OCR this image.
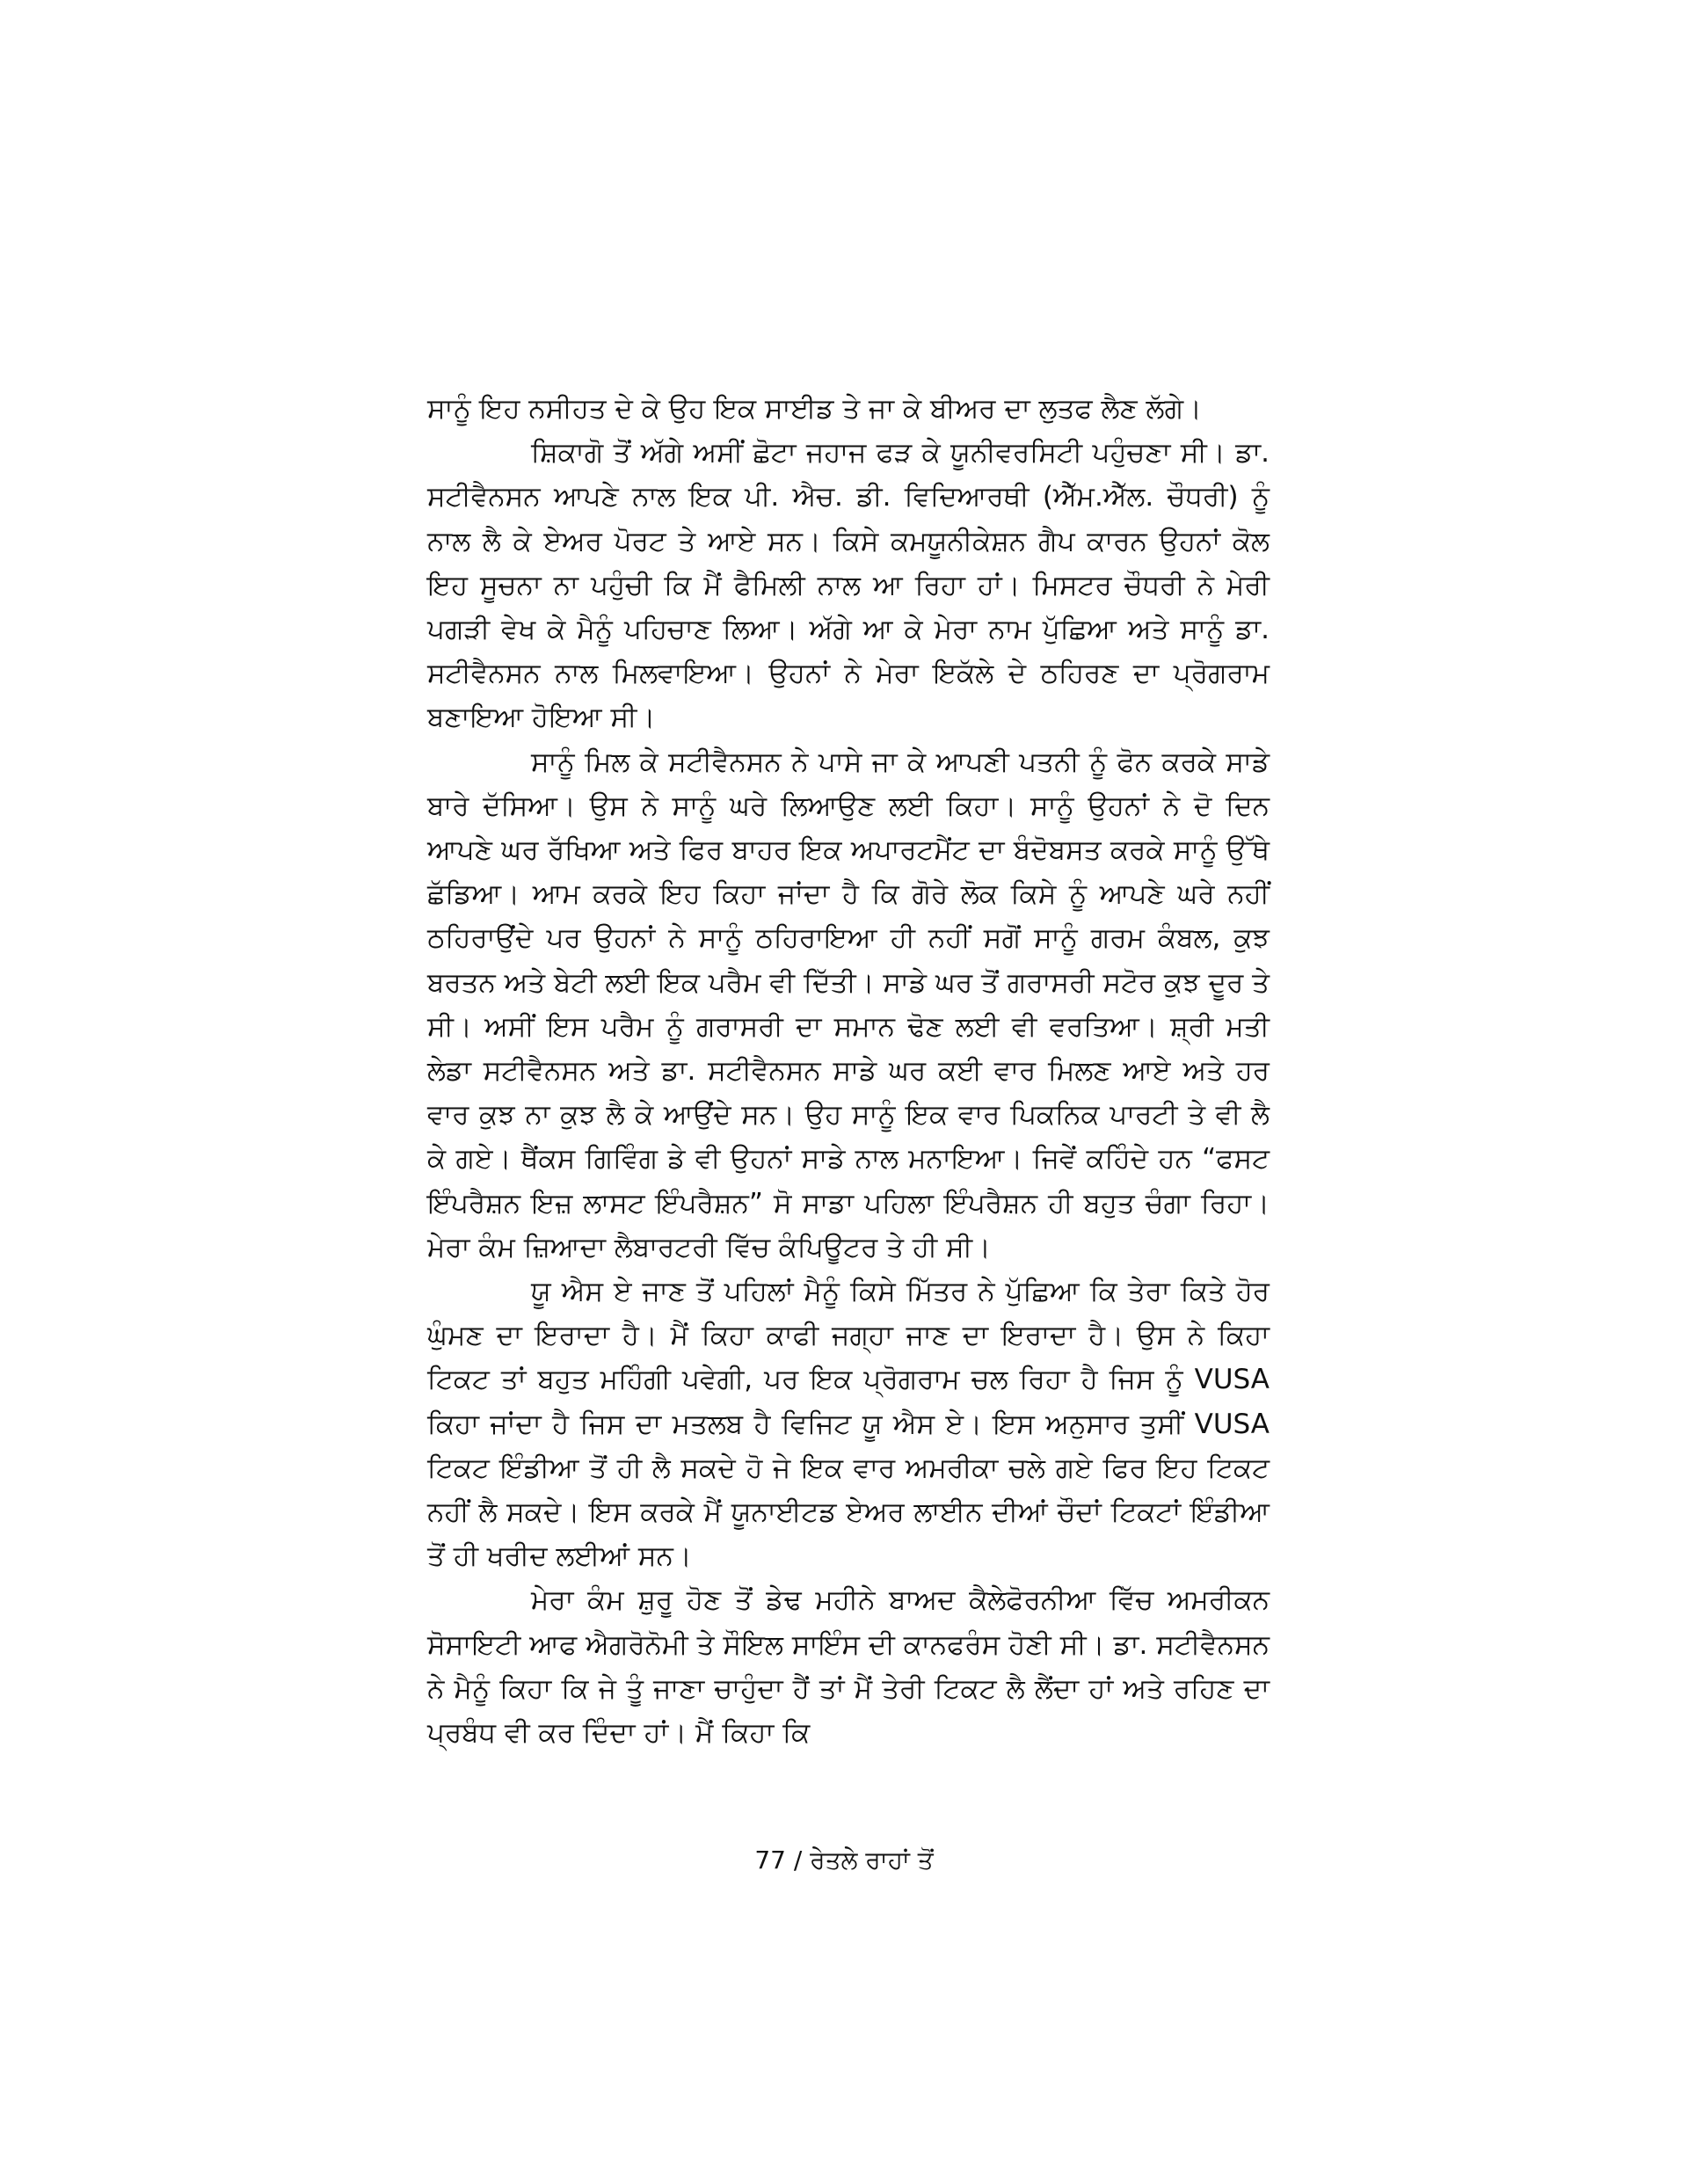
ਸਾਨੂੰ ਇਹ ਨਸੀਹਤ ਦੇ ਕੇ ਉਹ ਇਕ ਸਾਈਡ ਤੇ ਜਾ ਕੇ ਬੀਅਰ ਦਾ ਲੁਤਫ ਲੈਣ ਲੱਗੇ।

ਸ਼ਿਕਾਗੋ ਤੋਂ ਅੱਗੇ ਅਸੀਂ ਛੋਟਾ ਜਹਾਜ ਫੜ ਕੇ ਯੂਨੀਵਰਸਿਟੀ ਪਹੁੰਚਣਾ ਸੀ। ਡਾ. ਸਟੀਵੈਨਸਨ ਆਪਣੇ ਨਾਲ ਇਕ ਪੀ. ਐਚ. ਡੀ. ਵਿਦਿਆਰਥੀ (ਐੱਮ.ਐੱਲ. ਚੌਧਰੀ) ਨੂੰ ਨਾਲ ਲੈ ਕੇ ਏਅਰ ਪੋਰਟ ਤੇ ਆਏ ਸਨ। ਕਿਸੇ ਕਮਯੂਨੀਕੇਸ਼ਨ ਗੈਪ ਕਾਰਨ ਉਹਨਾਂ ਕੋਲ ਇਹ ਸੂਚਨਾ ਨਾ ਪਹੁੰਚੀ ਕਿ ਮੈਂ ਫੈਮਿਲੀ ਨਾਲ ਆ ਰਿਹਾ ਹਾਂ। ਮਿਸਟਰ ਚੌਧਰੀ ਨੇ ਮੇਰੀ ਪਗੜੀ ਵੇਖ ਕੇ ਮੈਨੂੰ ਪਹਿਚਾਣ ਲਿਆ। ਅੱਗੇ ਆ ਕੇ ਮੇਰਾ ਨਾਮ ਪੁੱਛਿਆ ਅਤੇ ਸਾਨੂੰ ਡਾ. ਸਟੀਵੈਨਸਨ ਨਾਲ ਮਿਲਵਾਇਆ। ਉਹਨਾਂ ਨੇ ਮੇਰਾ ਇਕੱਲੇ ਦੇ ਠਹਿਰਣ ਦਾ ਪ੍ਰੋਗਰਾਮ ਬਣਾਇਆ ਹੋਇਆ ਸੀ।

ਸਾਨੂੰ ਮਿਲ ਕੇ ਸਟੀਵੈਨਸਨ ਨੇ ਪਾਸੇ ਜਾ ਕੇ ਆਪਣੀ ਪਤਨੀ ਨੂੰ ਫੋਨ ਕਰਕੇ ਸਾਡੇ ਬਾਰੇ ਦੱਸਿਆ। ਉਸ ਨੇ ਸਾਨੂੰ ਘਰੇ ਲਿਆਉਣ ਲਈ ਕਿਹਾ। ਸਾਨੂੰ ਉਹਨਾਂ ਨੇ ਦੋ ਦਿਨ ਆਪਣੇ ਘਰ ਰੱਖਿਆ ਅਤੇ ਫਿਰ ਬਾਹਰ ਇਕ ਅਪਾਰਟਮੈਂਟ ਦਾ ਬੰਦੋਬਸਤ ਕਰਕੇ ਸਾਨੂੰ ਉੱਥੇ ਛੱਡਿਆ। ਆਮ ਕਰਕੇ ਇਹ ਕਿਹਾ ਜਾਂਦਾ ਹੈ ਕਿ ਗੋਰੇ ਲੋਕ ਕਿਸੇ ਨੂੰ ਆਪਣੇ ਘਰੇ ਨਹੀਂ ਠਹਿਰਾਉਂਦੇ ਪਰ ਉਹਨਾਂ ਨੇ ਸਾਨੂੰ ਠਹਿਰਾਇਆ ਹੀ ਨਹੀਂ ਸਗੋਂ ਸਾਨੂੰ ਗਰਮ ਕੰਬਲ, ਕੁਝ ਬਰਤਨ ਅਤੇ ਬੇਟੀ ਲਈ ਇਕ ਪਰੈਮ ਵੀ ਦਿੱਤੀ। ਸਾਡੇ ਘਰ ਤੋਂ ਗਰਾਸਰੀ ਸਟੋਰ ਕੁਝ ਦੂਰ ਤੇ ਸੀ। ਅਸੀਂ ਇਸ ਪਰੈਮ ਨੂੰ ਗਰਾਸਰੀ ਦਾ ਸਮਾਨ ਢੋਣ ਲਈ ਵੀ ਵਰਤਿਆ। ਸ਼੍ਰੀ ਮਤੀ ਲੇਡਾ ਸਟੀਵੈਨਸਨ ਅਤੇ ਡਾ. ਸਟੀਵੈਨਸਨ ਸਾਡੇ ਘਰ ਕਈ ਵਾਰ ਮਿਲਣ ਆਏ ਅਤੇ ਹਰ ਵਾਰ ਕੁਝ ਨਾ ਕੁਝ ਲੈ ਕੇ ਆਉਂਦੇ ਸਨ। ਉਹ ਸਾਨੂੰ ਇਕ ਵਾਰ ਪਿਕਨਿਕ ਪਾਰਟੀ ਤੇ ਵੀ ਲੈ ਕੇ ਗਏ। ਥੈਂਕਸ ਗਿਵਿੰਗ ਡੇ ਵੀ ਉਹਨਾਂ ਸਾਡੇ ਨਾਲ ਮਨਾਇਆ। ਜਿਵੇਂ ਕਹਿੰਦੇ ਹਨ “ਫਸਟ ਇੰਪਰੈਸ਼ਨ ਇਜ਼ ਲਾਸਟ ਇੰਪਰੈਸ਼ਨ” ਸੋ ਸਾਡਾ ਪਹਿਲਾ ਇੰਪਰੈਸ਼ਨ ਹੀ ਬਹੁਤ ਚੰਗਾ ਰਿਹਾ। ਮੇਰਾ ਕੰਮ ਜ਼ਿਆਦਾ ਲੈਬਾਰਟਰੀ ਵਿੱਚ ਕੰਪਿਊਟਰ ਤੇ ਹੀ ਸੀ।

ਯੂ ਐਸ ਏ ਜਾਣ ਤੋਂ ਪਹਿਲਾਂ ਮੈਨੂੰ ਕਿਸੇ ਮਿੱਤਰ ਨੇ ਪੁੱਛਿਆ ਕਿ ਤੇਰਾ ਕਿਤੇ ਹੋਰ ਘੁੰਮਣ ਦਾ ਇਰਾਦਾ ਹੈ। ਮੈਂ ਕਿਹਾ ਕਾਫੀ ਜਗ੍ਹਾ ਜਾਣ ਦਾ ਇਰਾਦਾ ਹੈ। ਉਸ ਨੇ ਕਿਹਾ ਟਿਕਟ ਤਾਂ ਬਹੁਤ ਮਹਿੰਗੀ ਪਵੇਗੀ, ਪਰ ਇਕ ਪ੍ਰੋਗਰਾਮ ਚਲ ਰਿਹਾ ਹੈ ਜਿਸ ਨੂੰ VUSA ਕਿਹਾ ਜਾਂਦਾ ਹੈ ਜਿਸ ਦਾ ਮਤਲਬ ਹੈ ਵਿਜਿਟ ਯੂ ਐਸ ਏ। ਇਸ ਅਨੁਸਾਰ ਤੁਸੀਂ VUSA ਟਿਕਟ ਇੰਡੀਆ ਤੋਂ ਹੀ ਲੈ ਸਕਦੇ ਹੋ ਜੇ ਇਕ ਵਾਰ ਅਮਰੀਕਾ ਚਲੇ ਗਏ ਫਿਰ ਇਹ ਟਿਕਟ ਨਹੀਂ ਲੈ ਸਕਦੇ। ਇਸ ਕਰਕੇ ਮੈਂ ਯੂਨਾਈਟਡ ਏਅਰ ਲਾਈਨ ਦੀਆਂ ਚੌਦਾਂ ਟਿਕਟਾਂ ਇੰਡੀਆ ਤੋਂ ਹੀ ਖਰੀਦ ਲਈਆਂ ਸਨ।

ਮੇਰਾ ਕੰਮ ਸ਼ੁਰੂ ਹੋਣ ਤੋਂ ਡੇਢ ਮਹੀਨੇ ਬਾਅਦ ਕੈਲੇਫੋਰਨੀਆ ਵਿੱਚ ਅਮਰੀਕਨ ਸੋਸਾਇਟੀ ਆਫ ਐਗਰੋਨੋਮੀ ਤੇ ਸੌਇਲ ਸਾਇੰਸ ਦੀ ਕਾਨਫਰੰਸ ਹੋਣੀ ਸੀ। ਡਾ. ਸਟੀਵੈਨਸਨ ਨੇ ਮੈਨੂੰ ਕਿਹਾ ਕਿ ਜੇ ਤੂੰ ਜਾਣਾ ਚਾਹੁੰਦਾ ਹੈਂ ਤਾਂ ਮੈਂ ਤੇਰੀ ਟਿਕਟ ਲੈ ਲੈਂਦਾ ਹਾਂ ਅਤੇ ਰਹਿਣ ਦਾ ਪ੍ਰਬੰਧ ਵੀ ਕਰ ਦਿੰਦਾ ਹਾਂ। ਮੈਂ ਕਿਹਾ ਕਿ

77 / ਰੇਤਲੇ ਰਾਹਾਂ ਤੋਂ
